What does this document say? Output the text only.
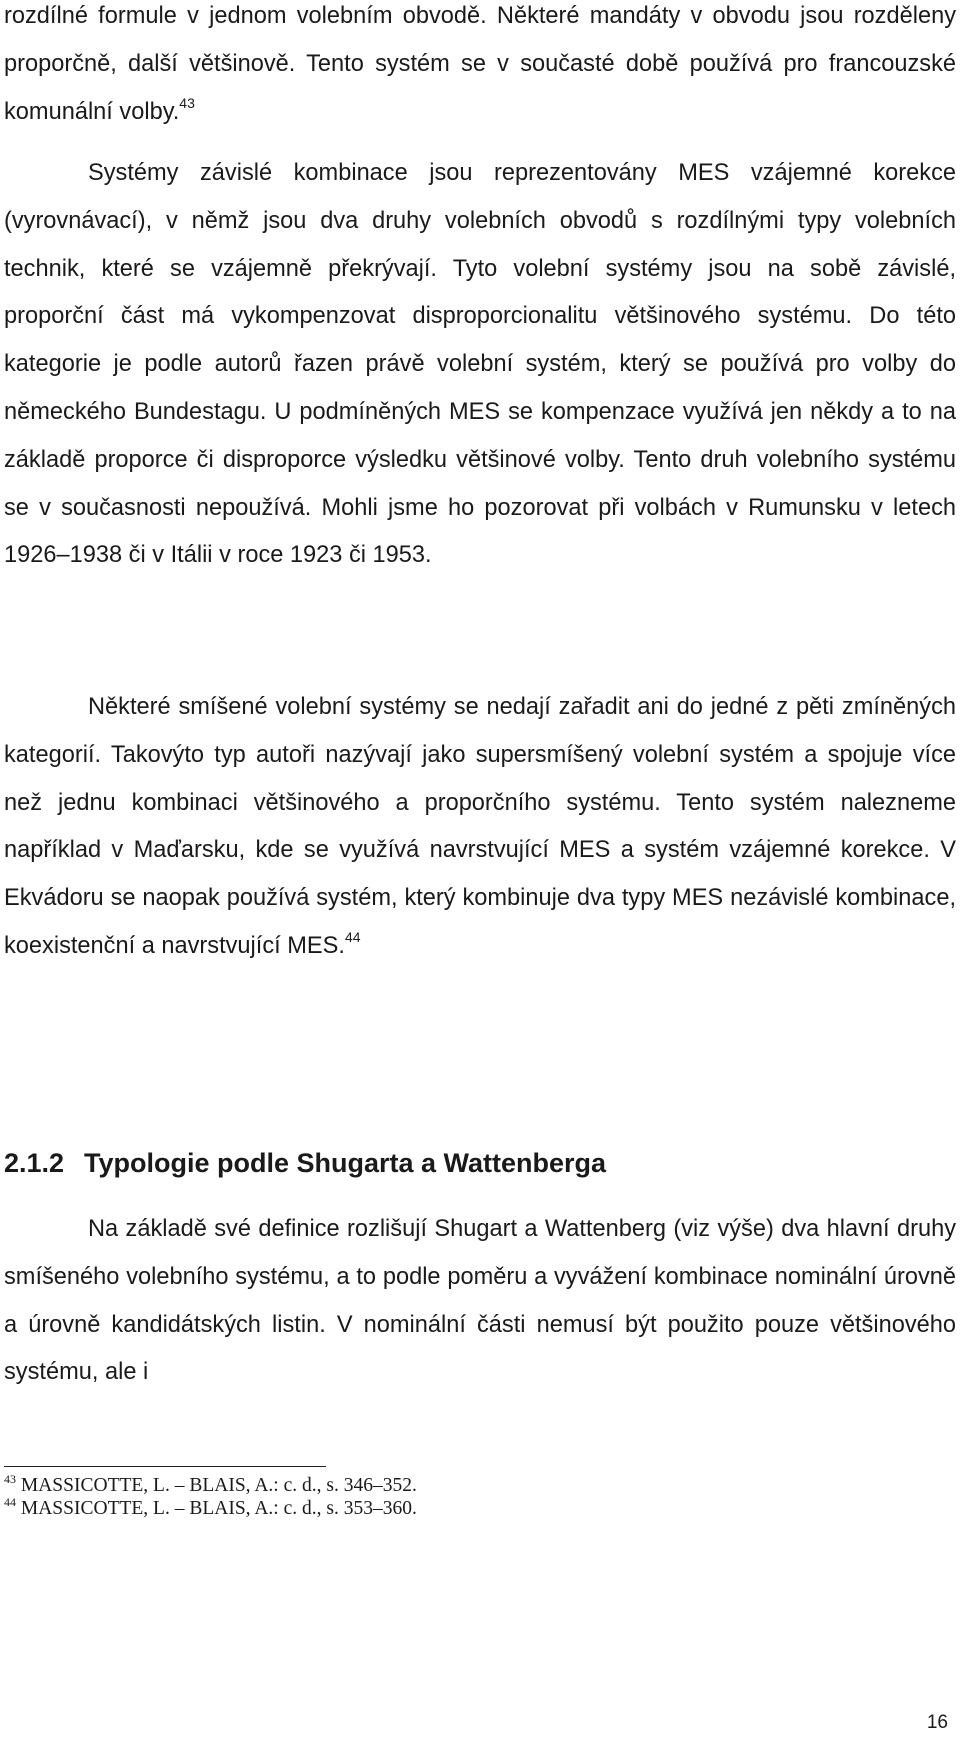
rozdílné formule v jednom volebním obvodě. Některé mandáty v obvodu jsou rozděleny proporčně, další většinově. Tento systém se v současté době používá pro francouzské komunální volby.$^{43}$

Systémy závislé kombinace jsou reprezentovány MES vzájemné korekce (vyrovnávací), v němž jsou dva druhy volebních obvodů s rozdílnými typy volebních technik, které se vzájemně překrývají. Tyto volební systémy jsou na sobě závislé, proporční část má vykompenzovat disproporcionalitu většinového systému. Do této kategorie je podle autorů řazen právě volební systém, který se používá pro volby do německého Bundestagu. U podmíněných MES se kompenzace využívá jen někdy a to na základě proporce či disproporce výsledku většinové volby. Tento druh volebního systému se v současnosti nepoužívá. Mohli jsme ho pozorovat při volbách v Rumunsku v letech 1926–1938 či v Itálii v roce 1923 či 1953.

Některé smíšené volební systémy se nedají zařadit ani do jedné z pěti zmíněných kategorií. Takovýto typ autoři nazývají jako supersmíšený volební systém a spojuje více než jednu kombinaci většinového a proporčního systému. Tento systém nalezneme například v Maďarsku, kde se využívá navrstvující MES a systém vzájemné korekce. V Ekvádoru se naopak používá systém, který kombinuje dva typy MES nezávislé kombinace, koexistenční a navrstvující MES.$^{44}$

2.1.2 Typologie podle Shugarta a Wattenberga

Na základě své definice rozlišují Shugart a Wattenberg (viz výše) dva hlavní druhy smíšeného volebního systému, a to podle poměru a vyvážení kombinace nominální úrovně a úrovně kandidátských listin. V nominální části nemusí být použito pouze většinového systému, ale i

$^{43}$ MASSICOTTE, L. – BLAIS, A.: c. d., s. 346–352.
$^{44}$ MASSICOTTE, L. – BLAIS, A.: c. d., s. 353–360.
16
